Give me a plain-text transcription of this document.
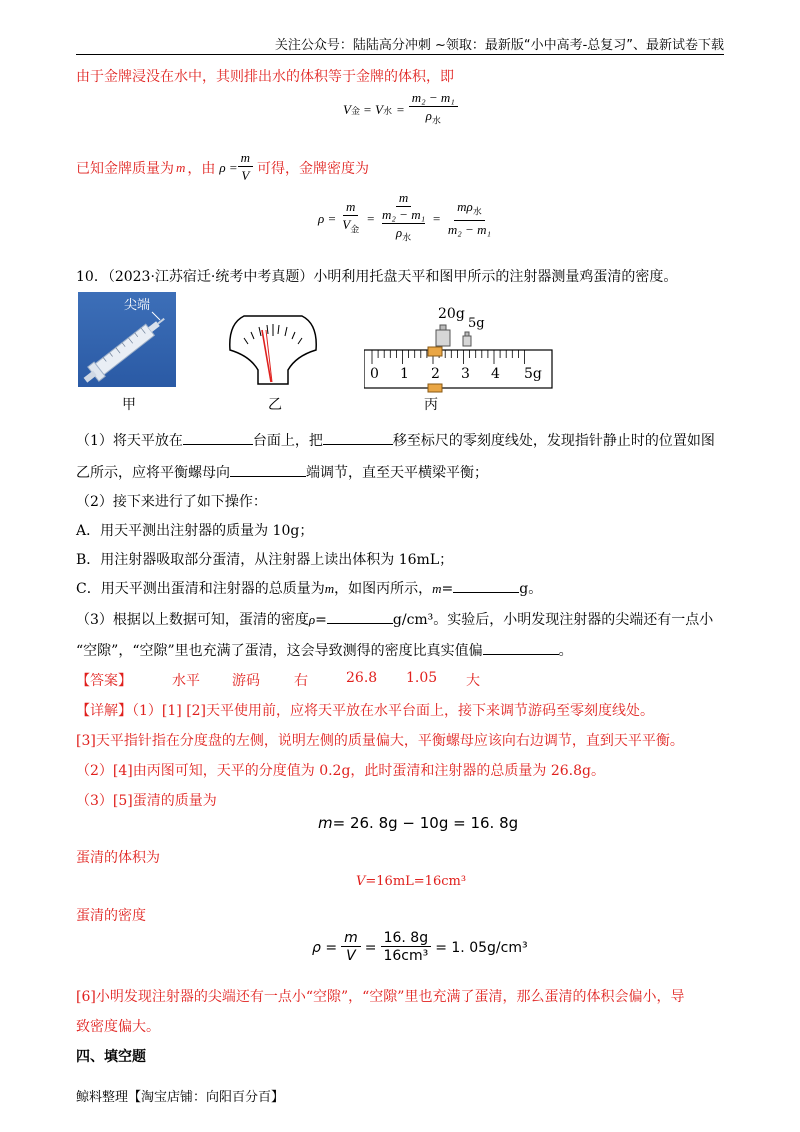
关注公众号：陆陆高分冲刺 ~领取：最新版“小中高考-总复习”、最新试卷下载
由于金牌浸没在水中，其则排出水的体积等于金牌的体积，即
V 金 = V 水 = $\frac{\text{m₂ − m₁}}{\rho_水}$
已知金牌质量为 m ，由 $\rho = \frac{m}{V}$ 可得，金牌密度为
$\rho = \frac{m}{V_金} = m$
m₂ − m₁
$\rho_水 = \frac{m\rho_水}{\text{m₂ − m₁}}$
10．（2023·江苏宿迁·统考中考真题）小明利用托盘天平和图甲所示的注射器测量鸡蛋清的密度。
尖端
甲	乙
20g
5g
0 1 2 3 4 5g
丙
（1）将天平放在	台面上，把	移至标尺的零刻度线处，发现指针静止时的位置如图
乙所示，应将平衡螺母向	端调节，直至天平横梁平衡；
（2）接下来进行了如下操作：
A．用天平测出注射器的质量为 10g；
B．用注射器吸取部分蛋清，从注射器上读出体积为 16mL；
C．用天平测出蛋清和注射器的总质量为m，如图丙所示，m=	g。
（3）根据以上数据可知，蛋清的密度ρ=	g/cm³。实验后，小明发现注射器的尖端还有一点小
“空隙”，“空隙”里也充满了蛋清，这会导致测得的密度比真实值偏	。
【答案】	水平 游码 右	26.8 1.05 大
【详解】（1）[1] [2]天平使用前，应将天平放在水平台面上，接下来调节游码至零刻度线处。
[3]天平指针指在分度盘的左侧，说明左侧的质量偏大，平衡螺母应该向右边调节，直到天平平衡。
（2）[4]由丙图可知，天平的分度值为 0.2g，此时蛋清和注射器的总质量为 26.8g。
（3）[5]蛋清的质量为
m= 26. 8g − 10g = 16. 8g
蛋清的体积为
V=16mL=16cm³
蛋清的密度
$\rho = \frac{m}{V} = \frac{16. 8g}{\text{16cm³}} = 1$. 05g/cm³
[6]小明发现注射器的尖端还有一点小“空隙”，“空隙”里也充满了蛋清，那么蛋清的体积会偏小，导
致密度偏大。
四、填空题
鲸料整理【淘宝店铺：向阳百分百】
